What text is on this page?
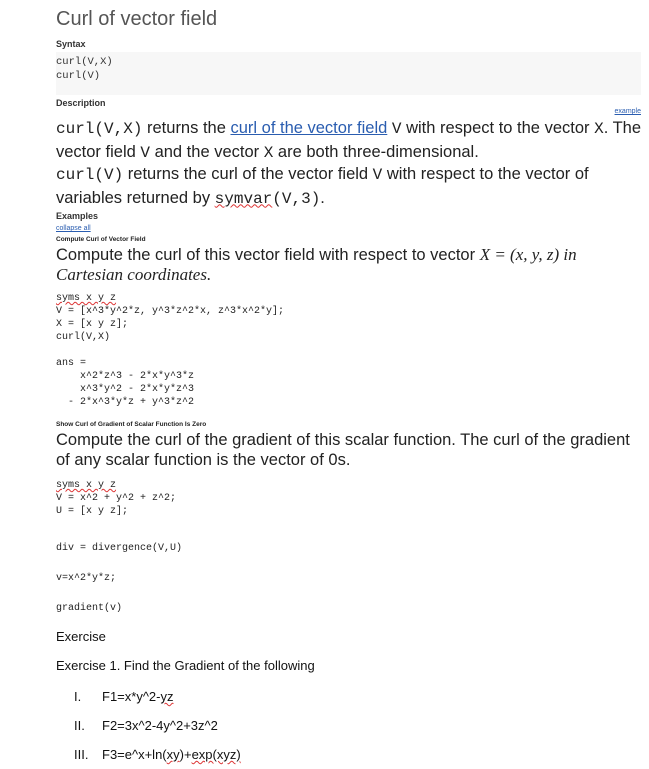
Curl of vector field
Syntax
curl(V,X)
curl(V)
Description
example
curl(V,X) returns the curl of the vector field V with respect to the vector X. The vector field V and the vector X are both three-dimensional.
curl(V) returns the curl of the vector field V with respect to the vector of variables returned by symvar(V,3).
Examples
collapse all
Compute Curl of Vector Field
Compute the curl of this vector field with respect to vector X = (x, y, z) in Cartesian coordinates.
syms x y z
V = [x^3*y^2*z, y^3*z^2*x, z^3*x^2*y];
X = [x y z];
curl(V,X)
ans =
x^2*z^3 - 2*x*y^3*z
x^3*y^2 - 2*x*y*z^3
- 2*x^3*y*z + y^3*z^2
Show Curl of Gradient of Scalar Function Is Zero
Compute the curl of the gradient of this scalar function. The curl of the gradient of any scalar function is the vector of 0s.
syms x y z
V = x^2 + y^2 + z^2;
U = [x y z];
div = divergence(V,U)
v=x^2*y*z;
gradient(v)
Exercise
Exercise 1. Find the Gradient of the following
I.	F1=x*y^2-yz
II.	F2=3x^2-4y^2+3z^2
III.	F3=e^x+ln(xy)+exp(xyz)
